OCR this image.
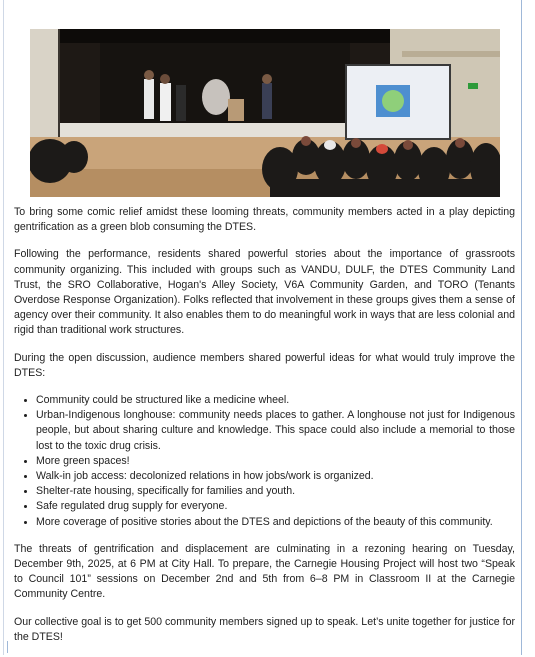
To bring some comic relief amidst these looming threats, community members acted in a play depicting gentrification as a green blob consuming the DTES.

Following the performance, residents shared powerful stories about the importance of grassroots community organizing. This included with groups such as VANDU, DULF, the DTES Community Land Trust, the SRO Collaborative, Hogan's Alley Society, V6A Community Garden, and TORO (Tenants Overdose Response Organization). Folks reflected that involvement in these groups gives them a sense of agency over their community. It also enables them to do meaningful work in ways that are less colonial and rigid than traditional work structures.

During the open discussion, audience members shared powerful ideas for what would truly improve the DTES:

• Community could be structured like a medicine wheel.
• Urban-Indigenous longhouse: community needs places to gather. A longhouse not just for Indigenous people, but about sharing culture and knowledge. This space could also include a memorial to those lost to the toxic drug crisis.
• More green spaces!
• Walk-in job access: decolonized relations in how jobs/work is organized.
• Shelter-rate housing, specifically for families and youth.
• Safe regulated drug supply for everyone.
• More coverage of positive stories about the DTES and depictions of the beauty of this community.

The threats of gentrification and displacement are culminating in a rezoning hearing on Tuesday, December 9th, 2025, at 6 PM at City Hall. To prepare, the Carnegie Housing Project will host two “Speak to Council 101” sessions on December 2nd and 5th from 6–8 PM in Classroom II at the Carnegie Community Centre.

Our collective goal is to get 500 community members signed up to speak. Let’s unite together for justice for the DTES!
